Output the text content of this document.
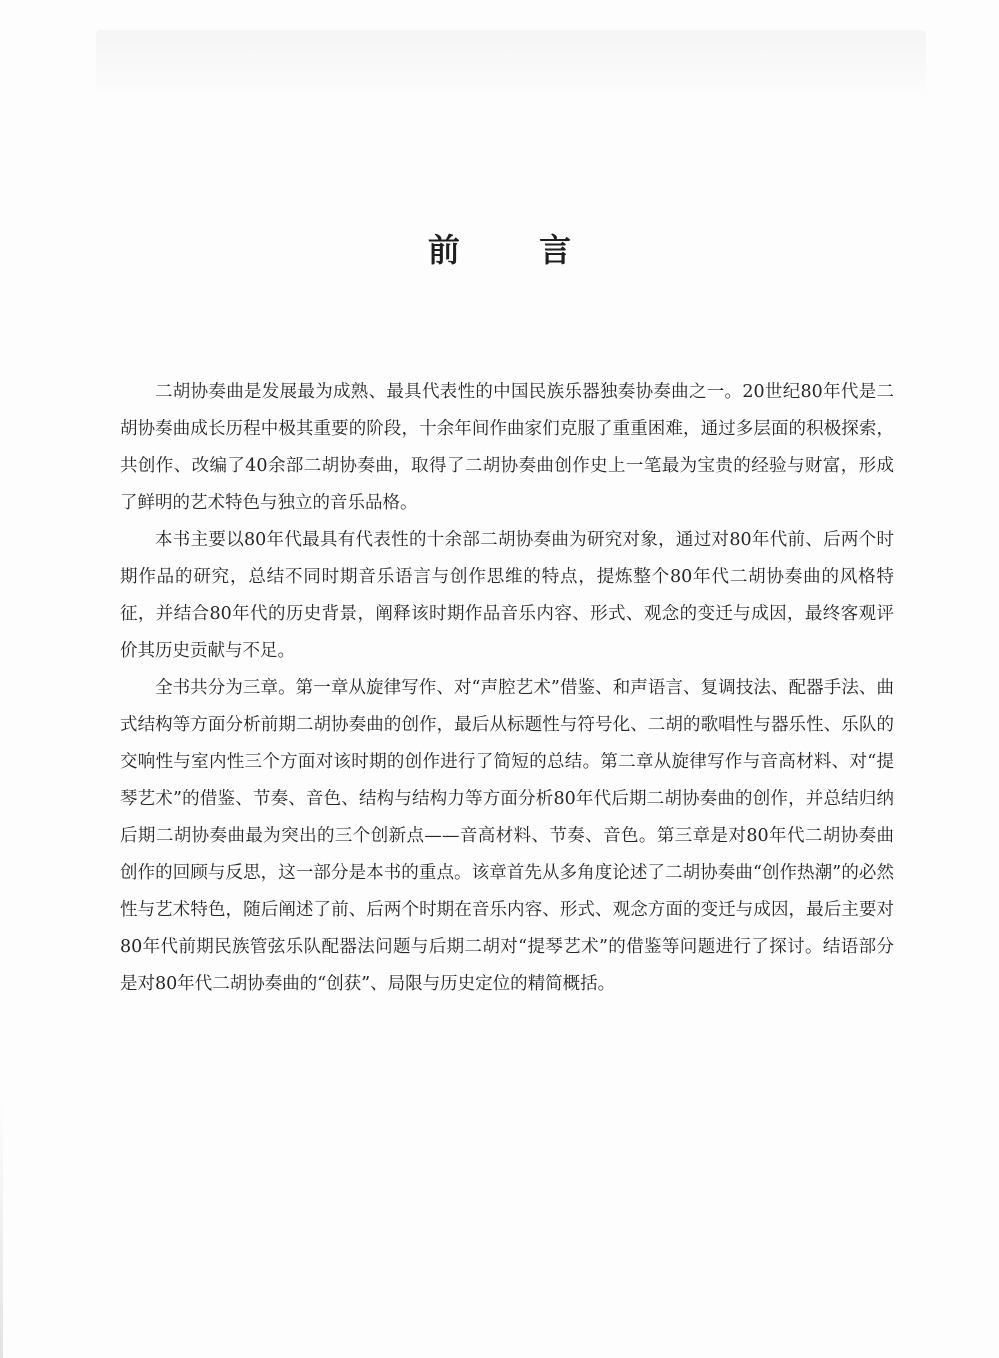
前 言

二胡协奏曲是发展最为成熟、最具代表性的中国民族乐器独奏协奏曲之一。20世纪80年代是二胡协奏曲成长历程中极其重要的阶段，十余年间作曲家们克服了重重困难，通过多层面的积极探索，共创作、改编了40余部二胡协奏曲，取得了二胡协奏曲创作史上一笔最为宝贵的经验与财富，形成了鲜明的艺术特色与独立的音乐品格。

本书主要以80年代最具有代表性的十余部二胡协奏曲为研究对象，通过对80年代前、后两个时期作品的研究，总结不同时期音乐语言与创作思维的特点，提炼整个80年代二胡协奏曲的风格特征，并结合80年代的历史背景，阐释该时期作品音乐内容、形式、观念的变迁与成因，最终客观评价其历史贡献与不足。

全书共分为三章。第一章从旋律写作、对“声腔艺术”借鉴、和声语言、复调技法、配器手法、曲式结构等方面分析前期二胡协奏曲的创作，最后从标题性与符号化、二胡的歌唱性与器乐性、乐队的交响性与室内性三个方面对该时期的创作进行了简短的总结。第二章从旋律写作与音高材料、对“提琴艺术”的借鉴、节奏、音色、结构与结构力等方面分析80年代后期二胡协奏曲的创作，并总结归纳后期二胡协奏曲最为突出的三个创新点——音高材料、节奏、音色。第三章是对80年代二胡协奏曲创作的回顾与反思，这一部分是本书的重点。该章首先从多角度论述了二胡协奏曲“创作热潮”的必然性与艺术特色，随后阐述了前、后两个时期在音乐内容、形式、观念方面的变迁与成因，最后主要对80年代前期民族管弦乐队配器法问题与后期二胡对“提琴艺术”的借鉴等问题进行了探讨。结语部分是对80年代二胡协奏曲的“创获”、局限与历史定位的精简概括。
